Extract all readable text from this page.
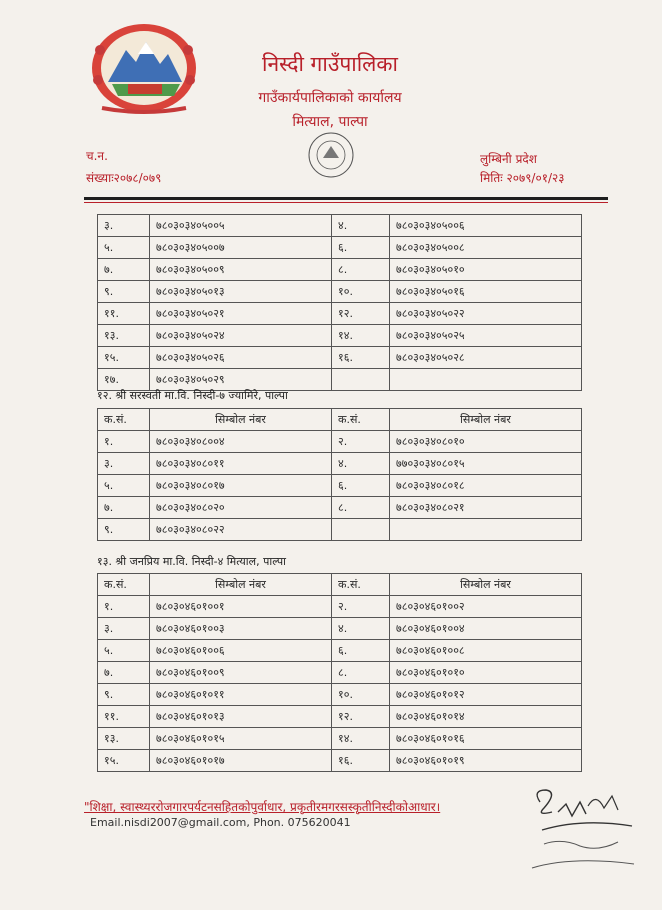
निस्दी गाउँपालिका
गाउँकार्यपालिकाको कार्यालय
मित्याल, पाल्पा
च.न.
संख्याः२०७८/०७९
लुम्बिनी प्रदेश
मितिः २०७९/०१/२३
३.	७८०३०३४०५००५	४.	७८०३०३४०५००६
५.	७८०३०३४०५००७	६.	७८०३०३४०५००८
७.	७८०३०३४०५००९	८.	७८०३०३४०५०१०
९.	७८०३०३४०५०१३	१०.	७८०३०३४०५०१६
११.	७८०३०३४०५०२१	१२.	७८०३०३४०५०२२
१३.	७८०३०३४०५०२४	१४.	७८०३०३४०५०२५
१५.	७८०३०३४०५०२६	१६.	७८०३०३४०५०२८
१७.	७८०३०३४०५०२९		
१२. श्री सरस्वती मा.वि. निस्दी-७ ज्यामिरे, पाल्पा
क.सं.	सिम्बोल नंबर	क.सं.	सिम्बोल नंबर
१.	७८०३०३४०८००४	२.	७८०३०३४०८०१०
३.	७८०३०३४०८०११	४.	७७०३०३४०८०१५
५.	७८०३०३४०८०१७	६.	७८०३०३४०८०१८
७.	७८०३०३४०८०२०	८.	७८०३०३४०८०२१
९.	७८०३०३४०८०२२		
१३. श्री जनप्रिय मा.वि. निस्दी-४ मित्याल, पाल्पा
क.सं.	सिम्बोल नंबर	क.सं.	सिम्बोल नंबर
१.	७८०३०४६०१००१	२.	७८०३०४६०१००२
३.	७८०३०४६०१००३	४.	७८०३०४६०१००४
५.	७८०३०४६०१००६	६.	७८०३०४६०१००८
७.	७८०३०४६०१००९	८.	७८०३०४६०१०१०
९.	७८०३०४६०१०११	१०.	७८०३०४६०१०१२
११.	७८०३०४६०१०१३	१२.	७८०३०४६०१०१४
१३.	७८०३०४६०१०१५	१४.	७८०३०४६०१०१६
१५.	७८०३०४६०१०१७	१६.	७८०३०४६०१०१९
"शिक्षा, स्वास्थ्यररोजगारपर्यटनसहितकोपुर्वाधार, प्रकृतीरमगरसस्कृतीनिस्दीकोआधार।
Email.nisdi2007@gmail.com, Phon. 075620041
